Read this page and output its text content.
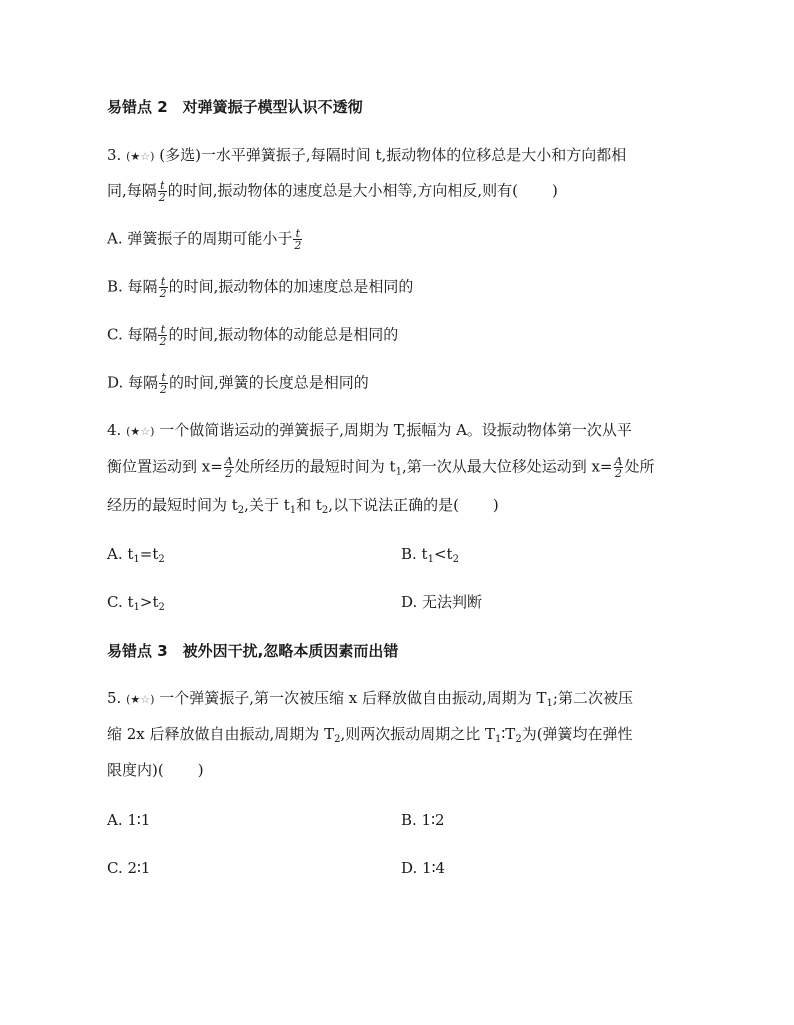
易错点 2　对弹簧振子模型认识不透彻
3. (★☆) (多选)一水平弹簧振子,每隔时间 t,振动物体的位移总是大小和方向都相
同,每隔 $\frac{t}{2}$ 的时间,振动物体的速度总是大小相等,方向相反,则有( )
A. 弹簧振子的周期可能小于 $\frac{t}{2}$
B. 每隔 $\frac{t}{2}$ 的时间,振动物体的加速度总是相同的
C. 每隔 $\frac{t}{2}$ 的时间,振动物体的动能总是相同的
D. 每隔 $\frac{t}{2}$ 的时间,弹簧的长度总是相同的
4. (★☆) 一个做简谐运动的弹簧振子,周期为 T,振幅为 A。设振动物体第一次从平
衡位置运动到 $x= \frac{A}{2}$ 处所经历的最短时间为 $t_1$,第一次从最大位移处运动到 $x= \frac{A}{2}$ 处所
经历的最短时间为 $t_2$,关于 $t_1$和 $t_2$,以下说法正确的是( )
A. $t_1=t_2$	B. $t_1<t_2$
C. $t_1>t_2$	D. 无法判断
易错点 3　被外因干扰,忽略本质因素而出错
5. (★☆) 一个弹簧振子,第一次被压缩 x 后释放做自由振动,周期为 $T_1$;第二次被压
缩 2x 后释放做自由振动,周期为 $T_2$,则两次振动周期之比 $T_1∶T_2$为(弹簧均在弹性
限度内)( )
A. 1∶1	B. 1∶2
C. 2∶1	D. 1∶4
